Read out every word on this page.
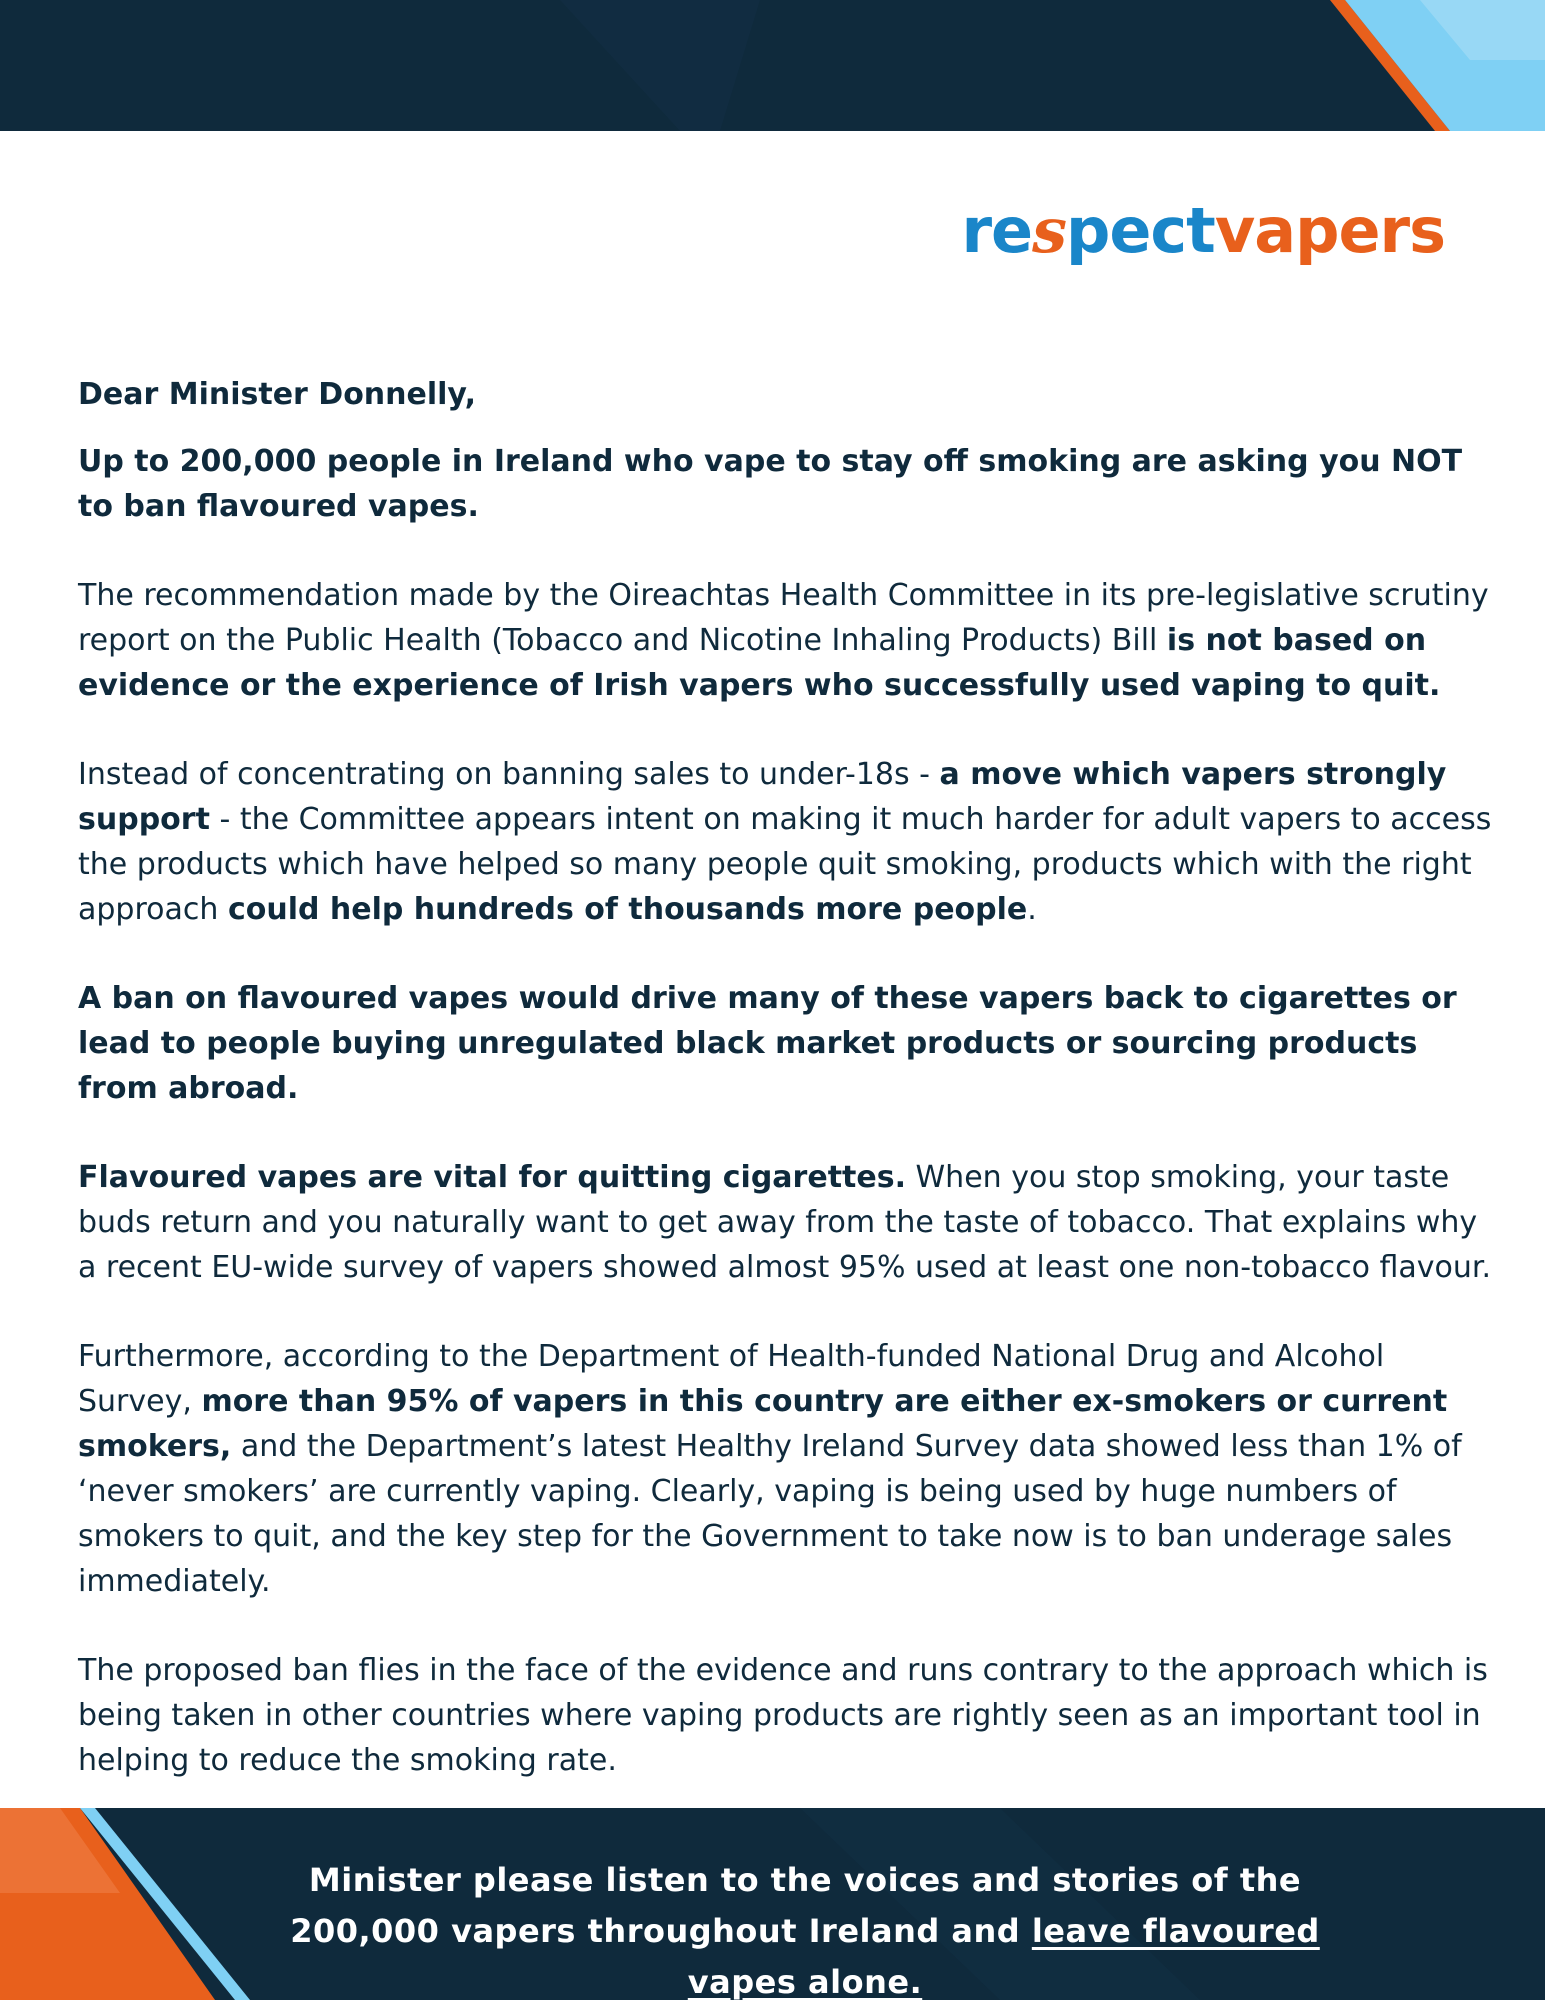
respectvapers

Dear Minister Donnelly,

Up to 200,000 people in Ireland who vape to stay off smoking are asking you NOT to ban flavoured vapes.

The recommendation made by the Oireachtas Health Committee in its pre-legislative scrutiny report on the Public Health (Tobacco and Nicotine Inhaling Products) Bill is not based on evidence or the experience of Irish vapers who successfully used vaping to quit.

Instead of concentrating on banning sales to under-18s - a move which vapers strongly support - the Committee appears intent on making it much harder for adult vapers to access the products which have helped so many people quit smoking, products which with the right approach could help hundreds of thousands more people.

A ban on flavoured vapes would drive many of these vapers back to cigarettes or lead to people buying unregulated black market products or sourcing products from abroad.

Flavoured vapes are vital for quitting cigarettes. When you stop smoking, your taste buds return and you naturally want to get away from the taste of tobacco. That explains why a recent EU-wide survey of vapers showed almost 95% used at least one non-tobacco flavour.

Furthermore, according to the Department of Health-funded National Drug and Alcohol Survey, more than 95% of vapers in this country are either ex-smokers or current smokers, and the Department’s latest Healthy Ireland Survey data showed less than 1% of ‘never smokers’ are currently vaping. Clearly, vaping is being used by huge numbers of smokers to quit, and the key step for the Government to take now is to ban underage sales immediately.

The proposed ban flies in the face of the evidence and runs contrary to the approach which is being taken in other countries where vaping products are rightly seen as an important tool in helping to reduce the smoking rate.

Minister please listen to the voices and stories of the 200,000 vapers throughout Ireland and leave flavoured vapes alone.
